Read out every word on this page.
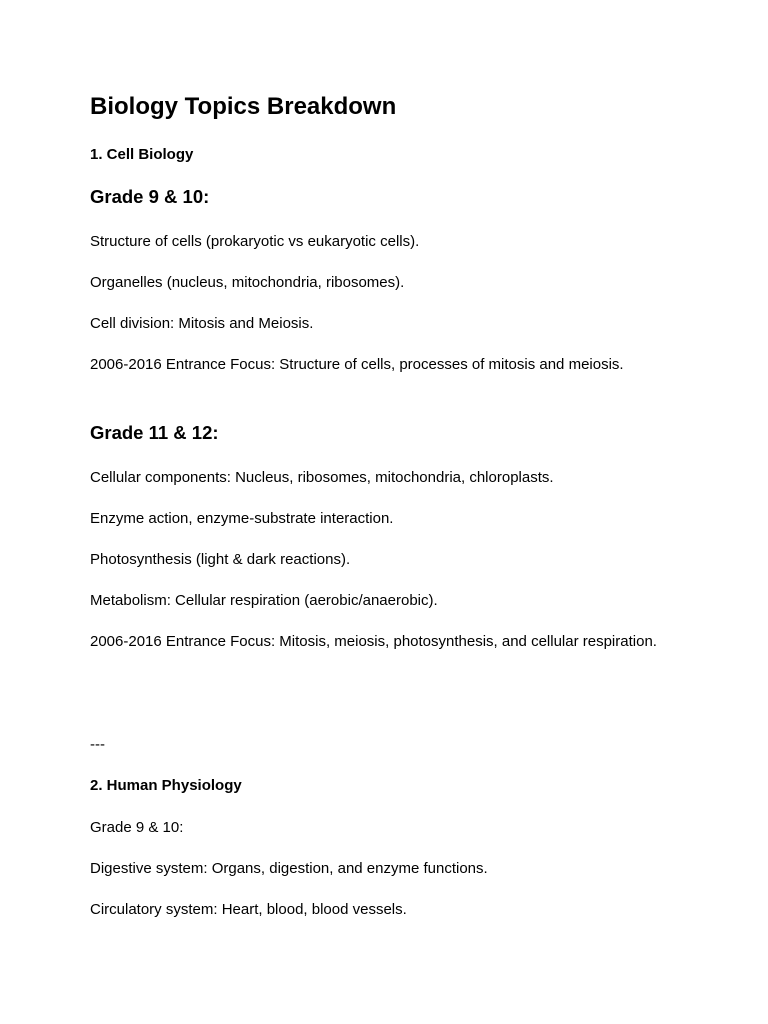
Biology Topics Breakdown
1. Cell Biology
Grade 9 & 10:

Structure of cells (prokaryotic vs eukaryotic cells).

Organelles (nucleus, mitochondria, ribosomes).

Cell division: Mitosis and Meiosis.

2006-2016 Entrance Focus: Structure of cells, processes of mitosis and meiosis.

Grade 11 & 12:

Cellular components: Nucleus, ribosomes, mitochondria, chloroplasts.

Enzyme action, enzyme-substrate interaction.

Photosynthesis (light & dark reactions).

Metabolism: Cellular respiration (aerobic/anaerobic).

2006-2016 Entrance Focus: Mitosis, meiosis, photosynthesis, and cellular respiration.

---

2. Human Physiology

Grade 9 & 10:

Digestive system: Organs, digestion, and enzyme functions.

Circulatory system: Heart, blood, blood vessels.
